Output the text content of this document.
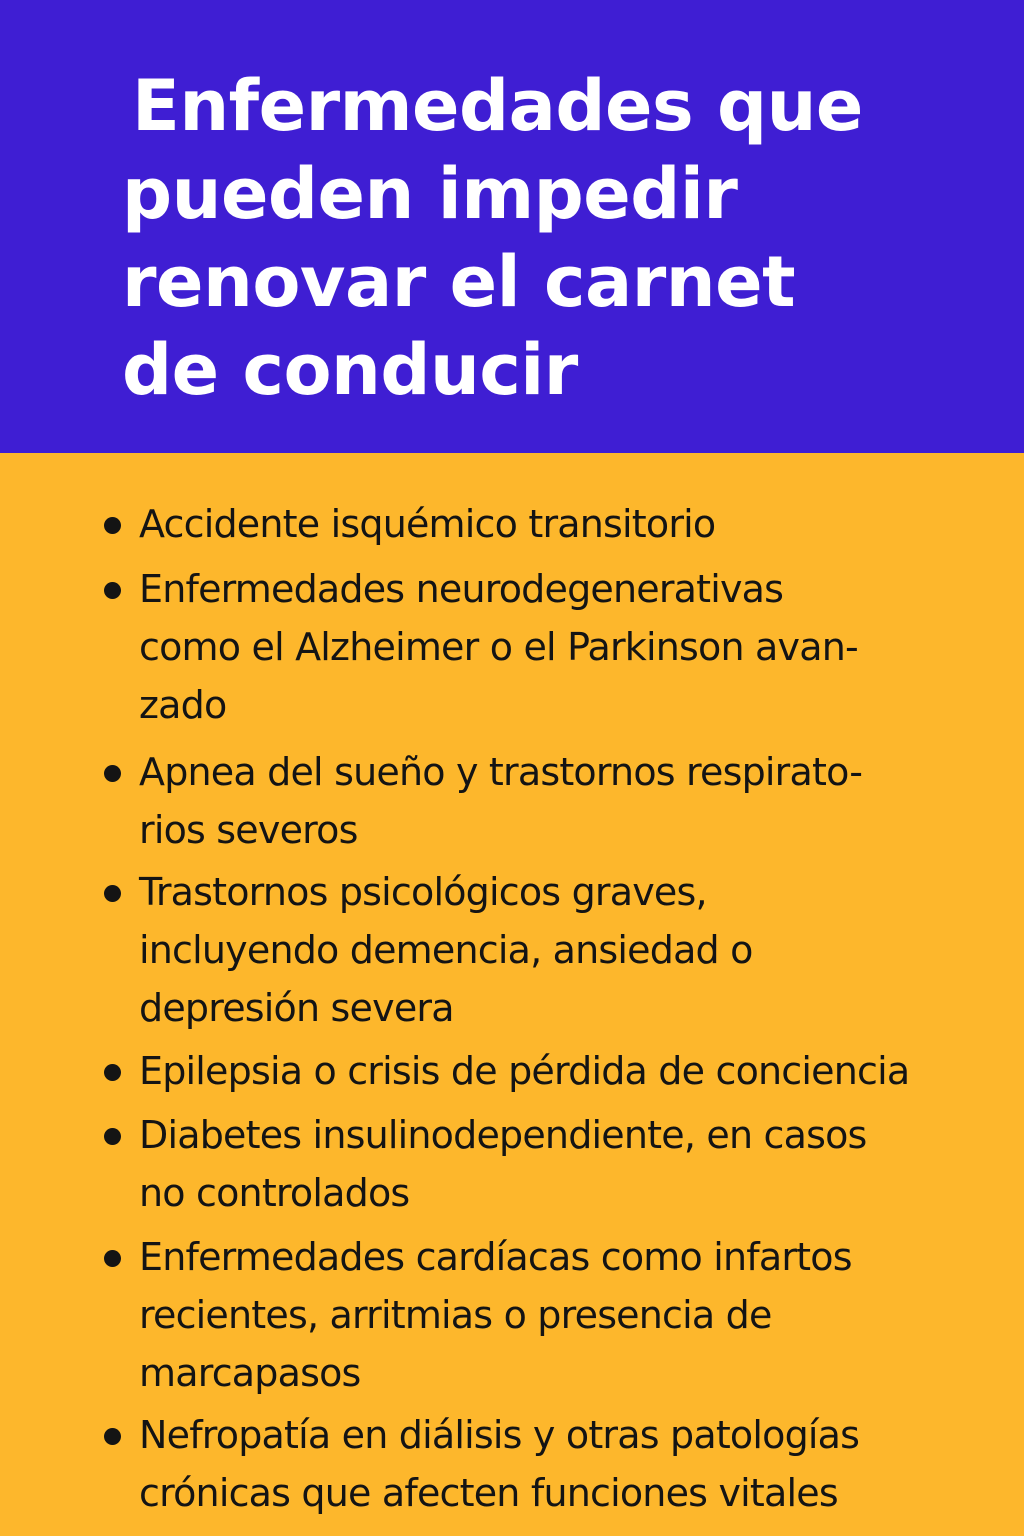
Enfermedades que
pueden impedir
renovar el carnet
de conducir
Accidente isquémico transitorio
Enfermedades neurodegenerativas
como el Alzheimer o el Parkinson avan-
zado
Apnea del sueño y trastornos respirato-
rios severos
Trastornos psicológicos graves,
incluyendo demencia, ansiedad o
depresión severa
Epilepsia o crisis de pérdida de conciencia
Diabetes insulinodependiente, en casos
no controlados
Enfermedades cardíacas como infartos
recientes, arritmias o presencia de
marcapasos
Nefropatía en diálisis y otras patologías
crónicas que afecten funciones vitales
